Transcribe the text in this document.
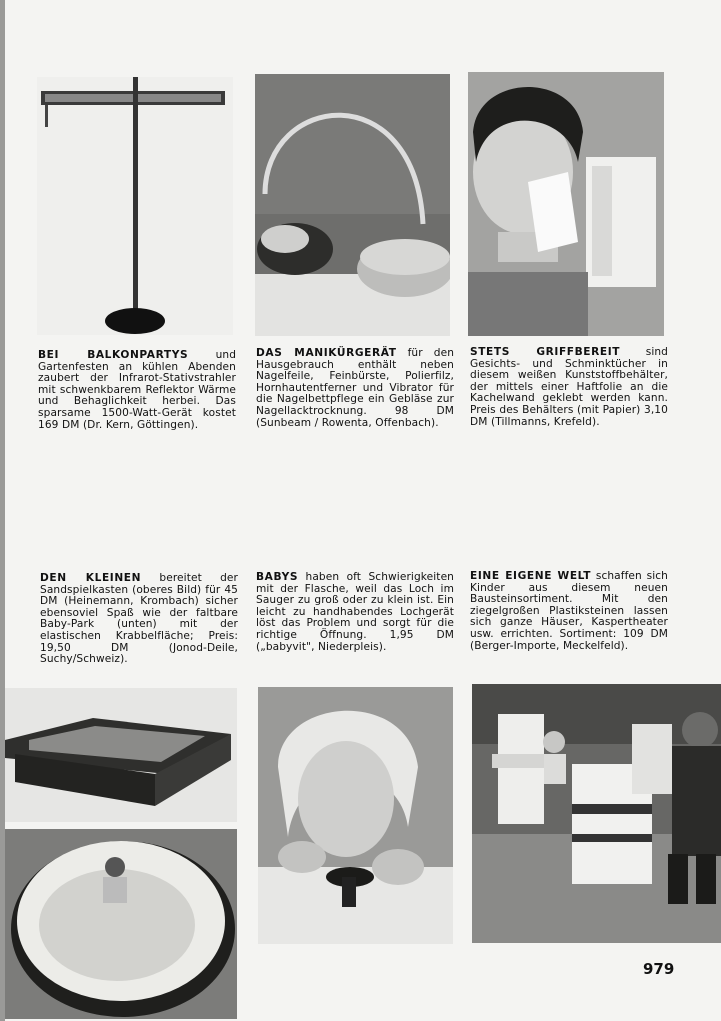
BEI BALKONPARTYS	und Gartenfesten an kühlen Abenden zaubert der Infrarot-Stativstrahler mit schwenkbarem Reflektor Wärme und Behaglichkeit herbei. Das sparsame 1500-Watt-Gerät kostet 169 DM (Dr. Kern, Göttingen).

DAS MANIKÜRGERÄT für den Hausgebrauch enthält neben Nagelfeile, Feinbürste, Polierfilz, Hornhautentferner und Vibrator für die Nagelbettpflege ein Gebläse zur Nagellacktrocknung. 98 DM (Sunbeam / Rowenta, Offenbach).

STETS GRIFFBEREIT sind Gesichts- und Schminktücher in diesem weißen Kunststoffbehälter, der mittels einer Haftfolie an die Kachelwand geklebt werden kann. Preis des Behälters (mit Papier) 3,10 DM (Tillmanns, Krefeld).

DEN KLEINEN bereitet der Sandspielkasten (oberes Bild) für 45 DM (Heinemann, Krombach) sicher ebensoviel Spaß wie der faltbare Baby-Park (unten) mit der elastischen Krabbelfläche; Preis: 19,50 DM (Jonod-Deile, Suchy/Schweiz).

BABYS haben oft Schwierigkeiten mit der Flasche, weil das Loch im Sauger zu groß oder zu klein ist. Ein leicht zu handhabendes Lochgerät löst das Problem und sorgt für die richtige Öffnung. 1,95 DM („babyvit", Niederpleis).

EINE EIGENE WELT schaffen sich Kinder aus diesem neuen Bausteinsortiment. Mit den ziegelgroßen Plastiksteinen lassen sich ganze Häuser, Kaspertheater usw. errichten. Sortiment: 109 DM (Berger-Importe, Meckelfeld).

979
